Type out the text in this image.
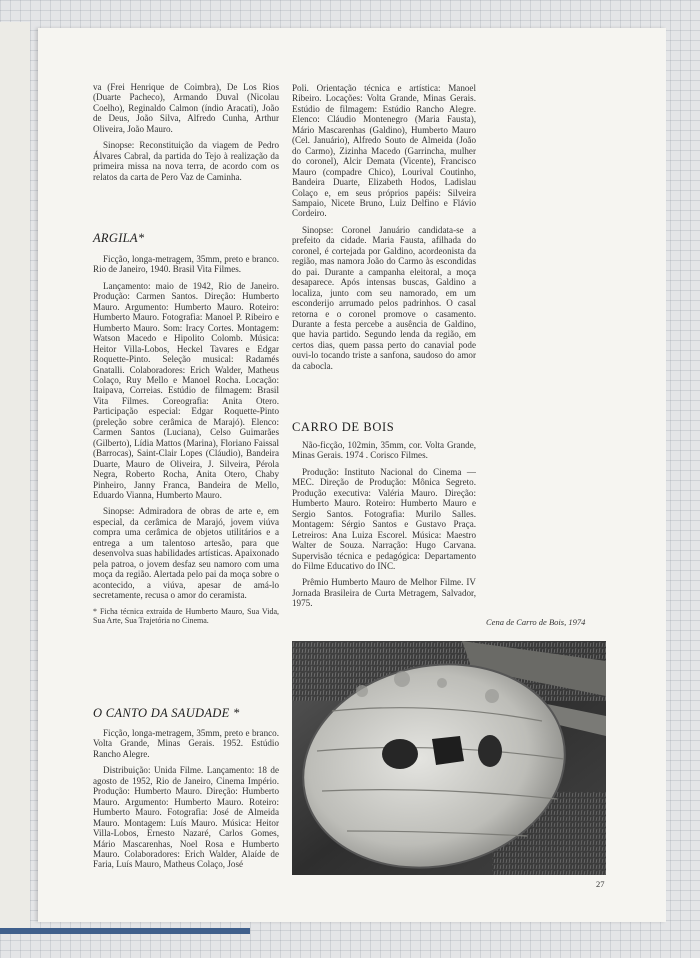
va (Frei Henrique de Coimbra), De Los Rios (Duarte Pacheco), Armando Duval (Nicolau Coelho), Reginaldo Calmon (índio Aracati), João de Deus, João Silva, Alfredo Cunha, Arthur Oliveira, João Mauro.

Sinopse: Reconstituição da viagem de Pedro Álvares Cabral, da partida do Tejo à realização da primeira missa na nova terra, de acordo com os relatos da carta de Pero Vaz de Caminha.

ARGILA*

Ficção, longa-metragem, 35mm, preto e branco. Rio de Janeiro, 1940. Brasil Vita Filmes.

Lançamento: maio de 1942, Rio de Janeiro. Produção: Carmen Santos. Direção: Humberto Mauro. Argumento: Humberto Mauro. Roteiro: Humberto Mauro. Fotografia: Manoel P. Ribeiro e Humberto Mauro. Som: Iracy Cortes. Montagem: Watson Macedo e Hipolito Colomb. Música: Heitor Villa-Lobos, Heckel Tavares e Edgar Roquette-Pinto. Seleção musical: Radamés Gnatalli. Colaboradores: Erich Walder, Matheus Colaço, Ruy Mello e Manoel Rocha. Locação: Itaipava, Correias. Estúdio de filmagem: Brasil Vita Filmes. Coreografia: Anita Otero. Participação especial: Edgar Roquette-Pinto (preleção sobre cerâmica de Marajó). Elenco: Carmen Santos (Luciana), Celso Guimarães (Gilberto), Lídia Mattos (Marina), Floriano Faissal (Barrocas), Saint-Clair Lopes (Cláudio), Bandeira Duarte, Mauro de Oliveira, J. Silveira, Pérola Negra, Roberto Rocha, Anita Otero, Chaby Pinheiro, Janny Franca, Bandeira de Mello, Eduardo Vianna, Humberto Mauro.

Sinopse: Admiradora de obras de arte e, em especial, da cerâmica de Marajó, jovem viúva compra uma cerâmica de objetos utilitários e a entrega a um talentoso artesão, para que desenvolva suas habilidades artísticas. Apaixonado pela patroa, o jovem desfaz seu namoro com uma moça da região. Alertada pelo pai da moça sobre o acontecido, a viúva, apesar de amá-lo secretamente, recusa o amor do ceramista.

* Ficha técnica extraída de Humberto Mauro, Sua Vida, Sua Arte, Sua Trajetória no Cinema.

O CANTO DA SAUDADE *

Ficção, longa-metragem, 35mm, preto e branco. Volta Grande, Minas Gerais. 1952. Estúdio Rancho Alegre.

Distribuição: Unida Filme. Lançamento: 18 de agosto de 1952, Rio de Janeiro, Cinema Império. Produção: Humberto Mauro. Direção: Humberto Mauro. Argumento: Humberto Mauro. Roteiro: Humberto Mauro. Fotografia: José de Almeida Mauro. Montagem: Luís Mauro. Música: Heitor Villa-Lobos, Ernesto Nazaré, Carlos Gomes, Mário Mascarenhas, Noel Rosa e Humberto Mauro. Colaboradores: Erich Walder, Alaíde de Faria, Luís Mauro, Matheus Colaço, José

Poli. Orientação técnica e artística: Manoel Ribeiro. Locações: Volta Grande, Minas Gerais. Estúdio de filmagem: Estúdio Rancho Alegre. Elenco: Cláudio Montenegro (Maria Fausta), Mário Mascarenhas (Galdino), Humberto Mauro (Cel. Januário), Alfredo Souto de Almeida (João do Carmo), Zizinha Macedo (Garrincha, mulher do coronel), Alcir Demata (Vicente), Francisco Mauro (compadre Chico), Lourival Coutinho, Bandeira Duarte, Elizabeth Hodos, Ladislau Colaço e, em seus próprios papéis: Silveira Sampaio, Nicete Bruno, Luiz Delfino e Flávio Cordeiro.

Sinopse: Coronel Januário candidata-se a prefeito da cidade. Maria Fausta, afilhada do coronel, é cortejada por Galdino, acordeonista da região, mas namora João do Carmo às escondidas do pai. Durante a campanha eleitoral, a moça desaparece. Após intensas buscas, Galdino a localiza, junto com seu namorado, em um esconderijo arrumado pelos padrinhos. O casal retorna e o coronel promove o casamento. Durante a festa percebe a ausência de Galdino, que havia partido. Segundo lenda da região, em certos dias, quem passa perto do canavial pode ouvi-lo tocando triste a sanfona, saudoso do amor da cabocla.

CARRO DE BOIS

Não-ficção, 102min, 35mm, cor. Volta Grande, Minas Gerais. 1974 . Corisco Filmes.

Produção: Instituto Nacional do Cinema — MEC. Direção de Produção: Mônica Segreto. Produção executiva: Valéria Mauro. Direção: Humberto Mauro. Roteiro: Humberto Mauro e Sergio Santos. Fotografia: Murilo Salles. Montagem: Sérgio Santos e Gustavo Praça. Letreiros: Ana Luiza Escorel. Música: Maestro Walter de Souza. Narração: Hugo Carvana. Supervisão técnica e pedagógica: Departamento do Filme Educativo do INC.

Prêmio Humberto Mauro de Melhor Filme. IV Jornada Brasileira de Curta Metragem, Salvador, 1975.

Cena de Carro de Bois, 1974
27
